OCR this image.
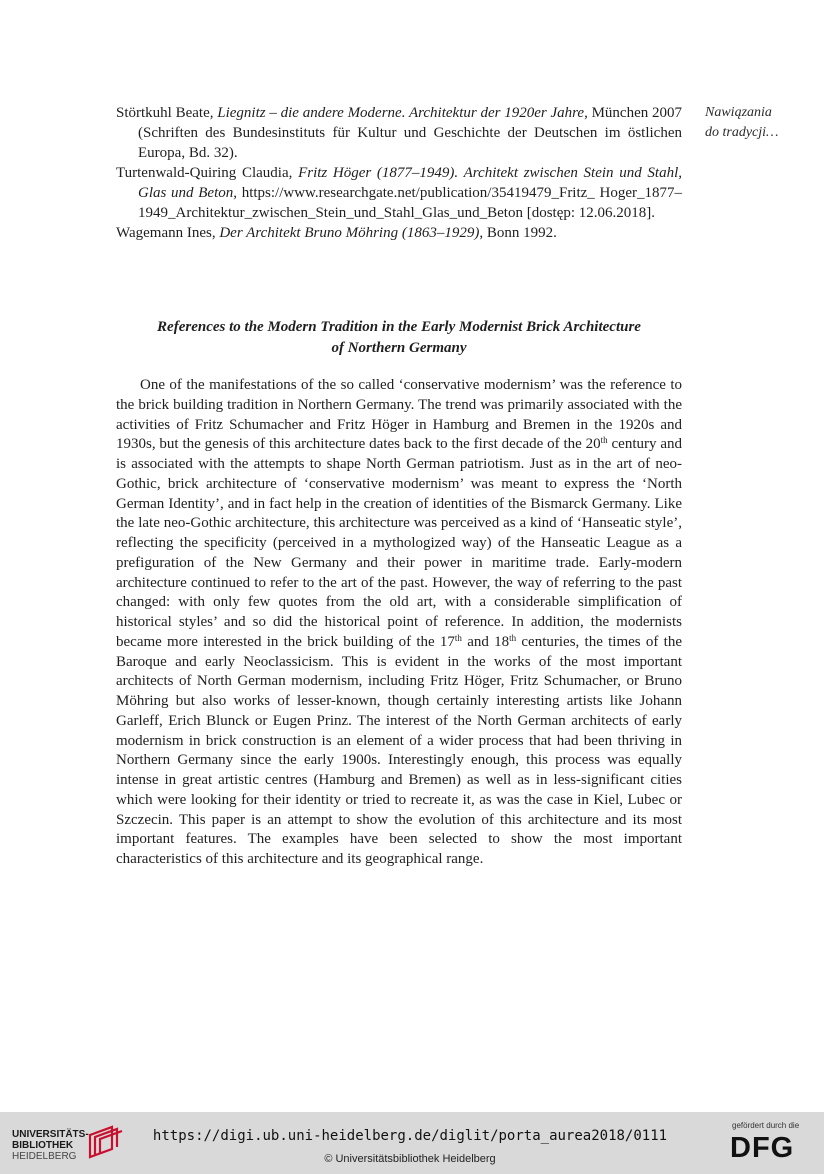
Nawiązania
do tradycji…

Störtkuhl Beate, Liegnitz – die andere Moderne. Architektur der 1920er Jahre, München 2007 (Schriften des Bundesinstituts für Kultur und Geschichte der Deutschen im östlichen Europa, Bd. 32).

Turtenwald-Quiring Claudia, Fritz Höger (1877–1949). Architekt zwischen Stein und Stahl, Glas und Beton, https://www.researchgate.net/publication/35419479_Fritz_ Hoger_1877–1949_Architektur_zwischen_Stein_und_Stahl_Glas_und_Beton [dostęp: 12.06.2018].

Wagemann Ines, Der Architekt Bruno Möhring (1863–1929), Bonn 1992.

References to the Modern Tradition in the Early Modernist Brick Architecture
of Northern Germany

One of the manifestations of the so called ‘conservative modernism’ was the reference to the brick building tradition in Northern Germany. The trend was primarily associated with the activities of Fritz Schumacher and Fritz Höger in Hamburg and Bremen in the 1920s and 1930s, but the genesis of this architecture dates back to the first decade of the 20th century and is associated with the attempts to shape North German patriotism. Just as in the art of neo-Gothic, brick architecture of ‘conservative modernism’ was meant to express the ‘North German Identity’, and in fact help in the creation of identities of the Bismarck Germany. Like the late neo-Gothic architecture, this architecture was perceived as a kind of ‘Hanseatic style’, reflecting the specificity (perceived in a mythologized way) of the Hanseatic League as a prefiguration of the New Germany and their power in maritime trade. Early-modern architecture continued to refer to the art of the past. However, the way of referring to the past changed: with only few quotes from the old art, with a considerable simplification of historical styles’ and so did the historical point of reference. In addition, the modernists became more interested in the brick building of the 17th and 18th centuries, the times of the Baroque and early Neoclassicism. This is evident in the works of the most important architects of North German modernism, including Fritz Höger, Fritz Schumacher, or Bruno Möhring but also works of lesser-known, though certainly interesting artists like Johann Garleff, Erich Blunck or Eugen Prinz. The interest of the North German architects of early modernism in brick construction is an element of a wider process that had been thriving in Northern Germany since the early 1900s. Interestingly enough, this process was equally intense in great artistic centres (Hamburg and Bremen) as well as in less-significant cities which were looking for their identity or tried to recreate it, as was the case in Kiel, Lubec or Szczecin. This paper is an attempt to show the evolution of this architecture and its most important features. The examples have been selected to show the most important characteristics of this architecture and its geographical range.

UNIVERSITÄTS-
BIBLIOTHEK
HEIDELBERG
https://digi.ub.uni-heidelberg.de/diglit/porta_aurea2018/0111
© Universitätsbibliothek Heidelberg
gefördert durch die
DFG
